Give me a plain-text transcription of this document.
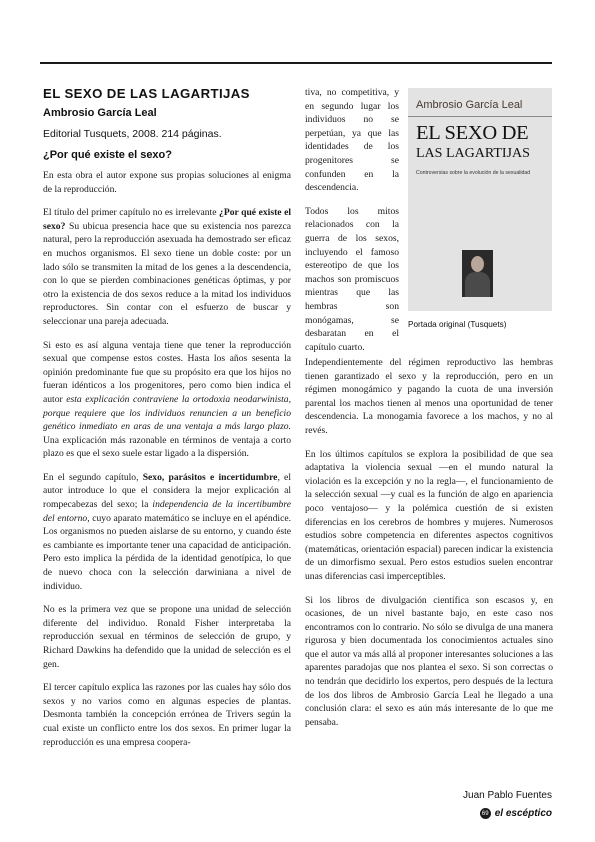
EL SEXO DE LAS LAGARTIJAS
Ambrosio García Leal
Editorial Tusquets, 2008. 214 páginas.
¿Por qué existe el sexo?

En esta obra el autor expone sus propias soluciones al enigma de la reproducción.

El título del primer capítulo no es irrelevante ¿Por qué existe el sexo? Su ubicua presencia hace que su existencia nos parezca natural, pero la reproducción asexuada ha demostrado ser eficaz en muchos organismos. El sexo tiene un doble coste: por un lado sólo se transmiten la mitad de los genes a la descendencia, con lo que se pierden combinaciones genéticas óptimas, y por otro la existencia de dos sexos reduce a la mitad los individuos reproductores. Sin contar con el esfuerzo de buscar y seleccionar una pareja adecuada.

Si esto es así alguna ventaja tiene que tener la reproducción sexual que compense estos costes. Hasta los años sesenta la opinión predominante fue que su propósito era que los hijos no fueran idénticos a los progenitores, pero como bien indica el autor esta explicación contraviene la ortodoxia neodarwinista, porque requiere que los individuos renuncien a un beneficio genético inmediato en aras de una ventaja a más largo plazo. Una explicación más razonable en términos de ventaja a corto plazo es que el sexo suele estar ligado a la dispersión.

En el segundo capítulo, Sexo, parásitos e incertidumbre, el autor introduce lo que el considera la mejor explicación al rompecabezas del sexo; la independencia de la incertibumbre del entorno, cuyo aparato matemático se incluye en el apéndice. Los organismos no pueden aislarse de su entorno, y cuando éste es cambiante es importante tener una capacidad de anticipación. Pero esto implica la pérdida de la identidad genotípica, lo que de nuevo choca con la selección darwiniana a nivel de individuo.

No es la primera vez que se propone una unidad de selección diferente del individuo. Ronald Fisher interpretaba la reproducción sexual en términos de selección de grupo, y Richard Dawkins ha defendido que la unidad de selección es el gen.

El tercer capítulo explica las razones por las cuales hay sólo dos sexos y no varios como en algunas especies de plantas. Desmonta también la concepción errónea de Trivers según la cual existe un conflicto entre los dos sexos. En primer lugar la reproducción es una empresa coopera-

tiva, no competitiva, y en segundo lugar los individuos no se perpetúan, ya que las identidades de los progenitores se confunden en la descendencia.

Todos los mitos relacionados con la guerra de los sexos, incluyendo el famoso estereotipo de que los machos son promiscuos mientras que las hembras son monógamas, se desbaratan en el capítulo cuarto.

Ambrosio García Leal
EL SEXO DE
LAS LAGARTIJAS
Controversias sobre la evolución de la sexualidad
Portada original (Tusquets)

Independientemente del régimen reproductivo las hembras tienen garantizado el sexo y la reproducción, pero en un régimen monogámico y pagando la cuota de una inversión parental los machos tienen al menos una oportunidad de tener descendencia. La monogamia favorece a los machos, y no al revés.

En los últimos capítulos se explora la posibilidad de que sea adaptativa la violencia sexual —en el mundo natural la violación es la excepción y no la regla—, el funcionamiento de la selección sexual —y cual es la función de algo en apariencia poco ventajoso— y la polémica cuestión de si existen diferencias en los cerebros de hombres y mujeres. Numerosos estudios sobre competencia en diferentes aspectos cognitivos (matemáticas, orientación espacial) parecen indicar la existencia de un dimorfismo sexual. Pero estos estudios suelen encontrar unas diferencias casi imperceptibles.

Si los libros de divulgación científica son escasos y, en ocasiones, de un nivel bastante bajo, en este caso nos encontramos con lo contrario. No sólo se divulga de una manera rigurosa y bien documentada los conocimientos actuales sino que el autor va más allá al proponer interesantes soluciones a las aparentes paradojas que nos plantea el sexo. Si son correctas o no tendrán que decidirlo los expertos, pero después de la lectura de los dos libros de Ambrosio García Leal he llegado a una conclusión clara: el sexo es aún más interesante de lo que me pensaba.

Juan Pablo Fuentes
69 el escéptico
